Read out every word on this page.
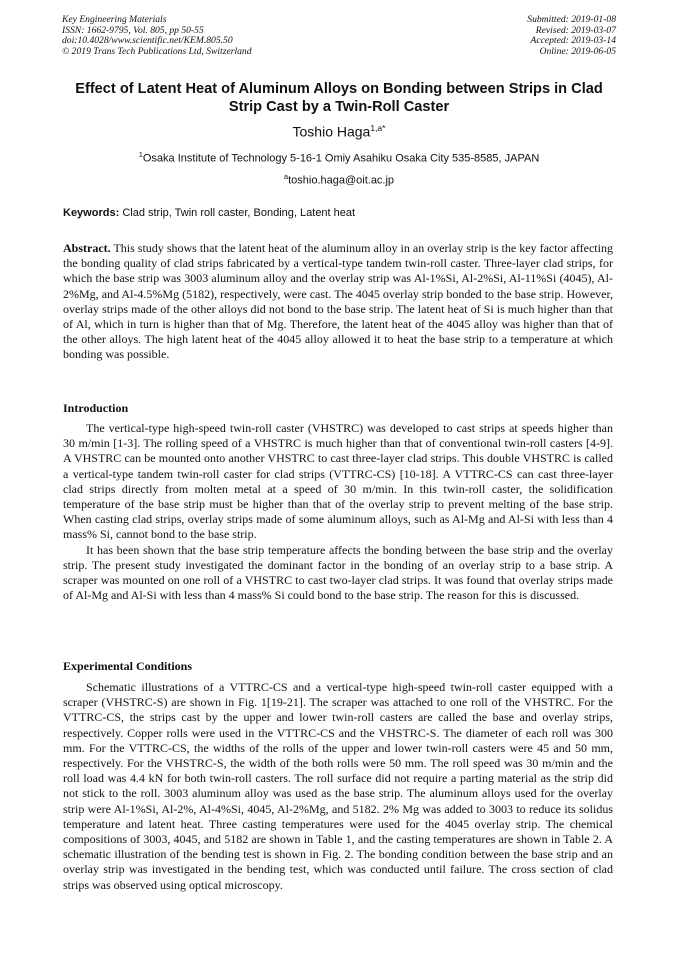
Key Engineering Materials
ISSN: 1662-9795, Vol. 805, pp 50-55
doi:10.4028/www.scientific.net/KEM.805.50
© 2019 Trans Tech Publications Ltd, Switzerland
Submitted: 2019-01-08
Revised: 2019-03-07
Accepted: 2019-03-14
Online: 2019-06-05
Effect of Latent Heat of Aluminum Alloys on Bonding between Strips in Clad Strip Cast by a Twin-Roll Caster
Toshio Haga$^{1,a*}$
$^1$Osaka Institute of Technology 5-16-1 Omiy Asahiku Osaka City 535-8585, JAPAN
$^a$toshio.haga@oit.ac.jp
Keywords: Clad strip, Twin roll caster, Bonding, Latent heat

Abstract. This study shows that the latent heat of the aluminum alloy in an overlay strip is the key factor affecting the bonding quality of clad strips fabricated by a vertical-type tandem twin-roll caster. Three-layer clad strips, for which the base strip was 3003 aluminum alloy and the overlay strip was Al-1%Si, Al-2%Si, Al-11%Si (4045), Al-2%Mg, and Al-4.5%Mg (5182), respectively, were cast. The 4045 overlay strip bonded to the base strip. However, overlay strips made of the other alloys did not bond to the base strip. The latent heat of Si is much higher than that of Al, which in turn is higher than that of Mg. Therefore, the latent heat of the 4045 alloy was higher than that of the other alloys. The high latent heat of the 4045 alloy allowed it to heat the base strip to a temperature at which bonding was possible.

Introduction

The vertical-type high-speed twin-roll caster (VHSTRC) was developed to cast strips at speeds higher than 30 m/min [1-3]. The rolling speed of a VHSTRC is much higher than that of conventional twin-roll casters [4-9]. A VHSTRC can be mounted onto another VHSTRC to cast three-layer clad strips. This double VHSTRC is called a vertical-type tandem twin-roll caster for clad strips (VTTRC-CS) [10-18]. A VTTRC-CS can cast three-layer clad strips directly from molten metal at a speed of 30 m/min. In this twin-roll caster, the solidification temperature of the base strip must be higher than that of the overlay strip to prevent melting of the base strip. When casting clad strips, overlay strips made of some aluminum alloys, such as Al-Mg and Al-Si with less than 4 mass% Si, cannot bond to the base strip.

It has been shown that the base strip temperature affects the bonding between the base strip and the overlay strip. The present study investigated the dominant factor in the bonding of an overlay strip to a base strip. A scraper was mounted on one roll of a VHSTRC to cast two-layer clad strips. It was found that overlay strips made of Al-Mg and Al-Si with less than 4 mass% Si could bond to the base strip. The reason for this is discussed.

Experimental Conditions

Schematic illustrations of a VTTRC-CS and a vertical-type high-speed twin-roll caster equipped with a scraper (VHSTRC-S) are shown in Fig. 1[19-21]. The scraper was attached to one roll of the VHSTRC. For the VTTRC-CS, the strips cast by the upper and lower twin-roll casters are called the base and overlay strips, respectively. Copper rolls were used in the VTTRC-CS and the VHSTRC-S. The diameter of each roll was 300 mm. For the VTTRC-CS, the widths of the rolls of the upper and lower twin-roll casters were 45 and 50 mm, respectively. For the VHSTRC-S, the width of the both rolls were 50 mm. The roll speed was 30 m/min and the roll load was 4.4 kN for both twin-roll casters. The roll surface did not require a parting material as the strip did not stick to the roll. 3003 aluminum alloy was used as the base strip. The aluminum alloys used for the overlay strip were Al-1%Si, Al-2%, Al-4%Si, 4045, Al-2%Mg, and 5182. 2% Mg was added to 3003 to reduce its solidus temperature and latent heat. Three casting temperatures were used for the 4045 overlay strip. The chemical compositions of 3003, 4045, and 5182 are shown in Table 1, and the casting temperatures are shown in Table 2. A schematic illustration of the bending test is shown in Fig. 2. The bonding condition between the base strip and an overlay strip was investigated in the bending test, which was conducted until failure. The cross section of clad strips was observed using optical microscopy.
